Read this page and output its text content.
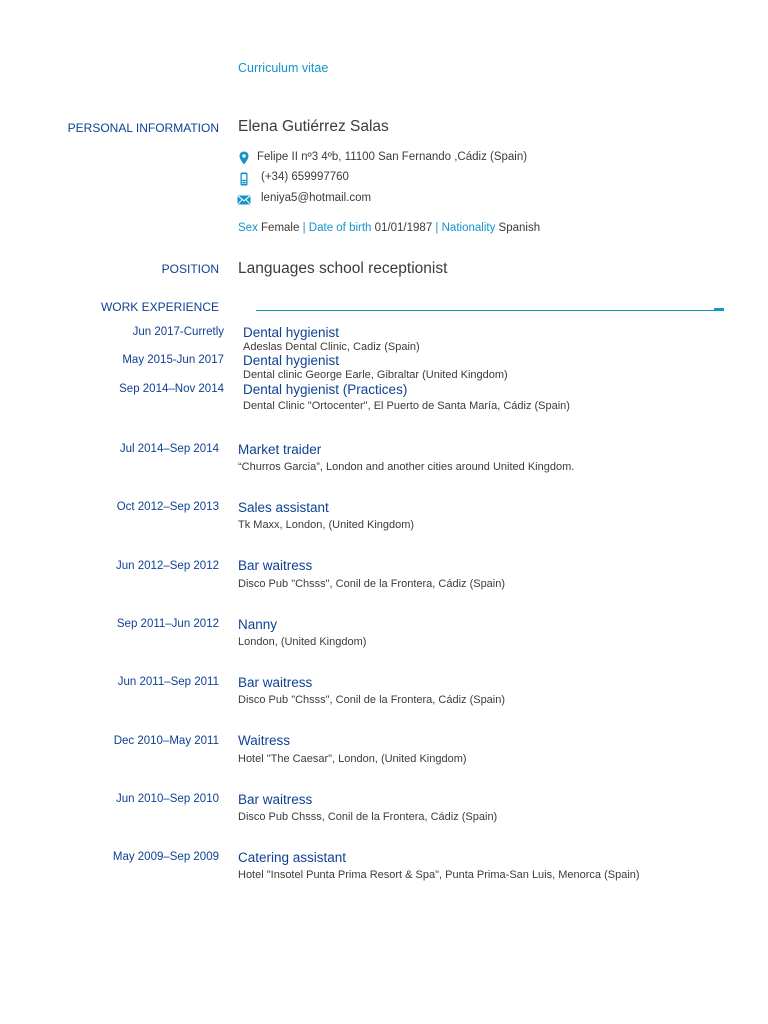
Curriculum vitae
PERSONAL INFORMATION Elena Gutiérrez Salas
Felipe II nº3 4ºb, 11100 San Fernando ,Cádiz (Spain)
(+34) 659997760
leniya5@hotmail.com
Sex Female | Date of birth 01/01/1987 | Nationality Spanish
POSITION Languages school receptionist
WORK EXPERIENCE
Jun 2017-Curretly Dental hygienist
Adeslas Dental Clinic, Cadiz (Spain)
May 2015-Jun 2017 Dental hygienist
Dental clinic George Earle, Gibraltar (United Kingdom)
Sep 2014–Nov 2014 Dental hygienist (Practices)
Dental Clinic "Ortocenter", El Puerto de Santa María, Cádiz (Spain)
Jul 2014–Sep 2014 Market traider
“Churros Garcia”, London and another cities around United Kingdom.
Oct 2012–Sep 2013 Sales assistant
Tk Maxx, London, (United Kingdom)
Jun 2012–Sep 2012 Bar waitress
Disco Pub "Chsss", Conil de la Frontera, Cádiz (Spain)
Sep 2011–Jun 2012 Nanny
London, (United Kingdom)
Jun 2011–Sep 2011 Bar waitress
Disco Pub "Chsss", Conil de la Frontera, Cádiz (Spain)
Dec 2010–May 2011 Waitress
Hotel "The Caesar", London, (United Kingdom)
Jun 2010–Sep 2010 Bar waitress
Disco Pub Chsss, Conil de la Frontera, Cádiz (Spain)
May 2009–Sep 2009 Catering assistant
Hotel "Insotel Punta Prima Resort & Spa", Punta Prima-San Luis, Menorca (Spain)
